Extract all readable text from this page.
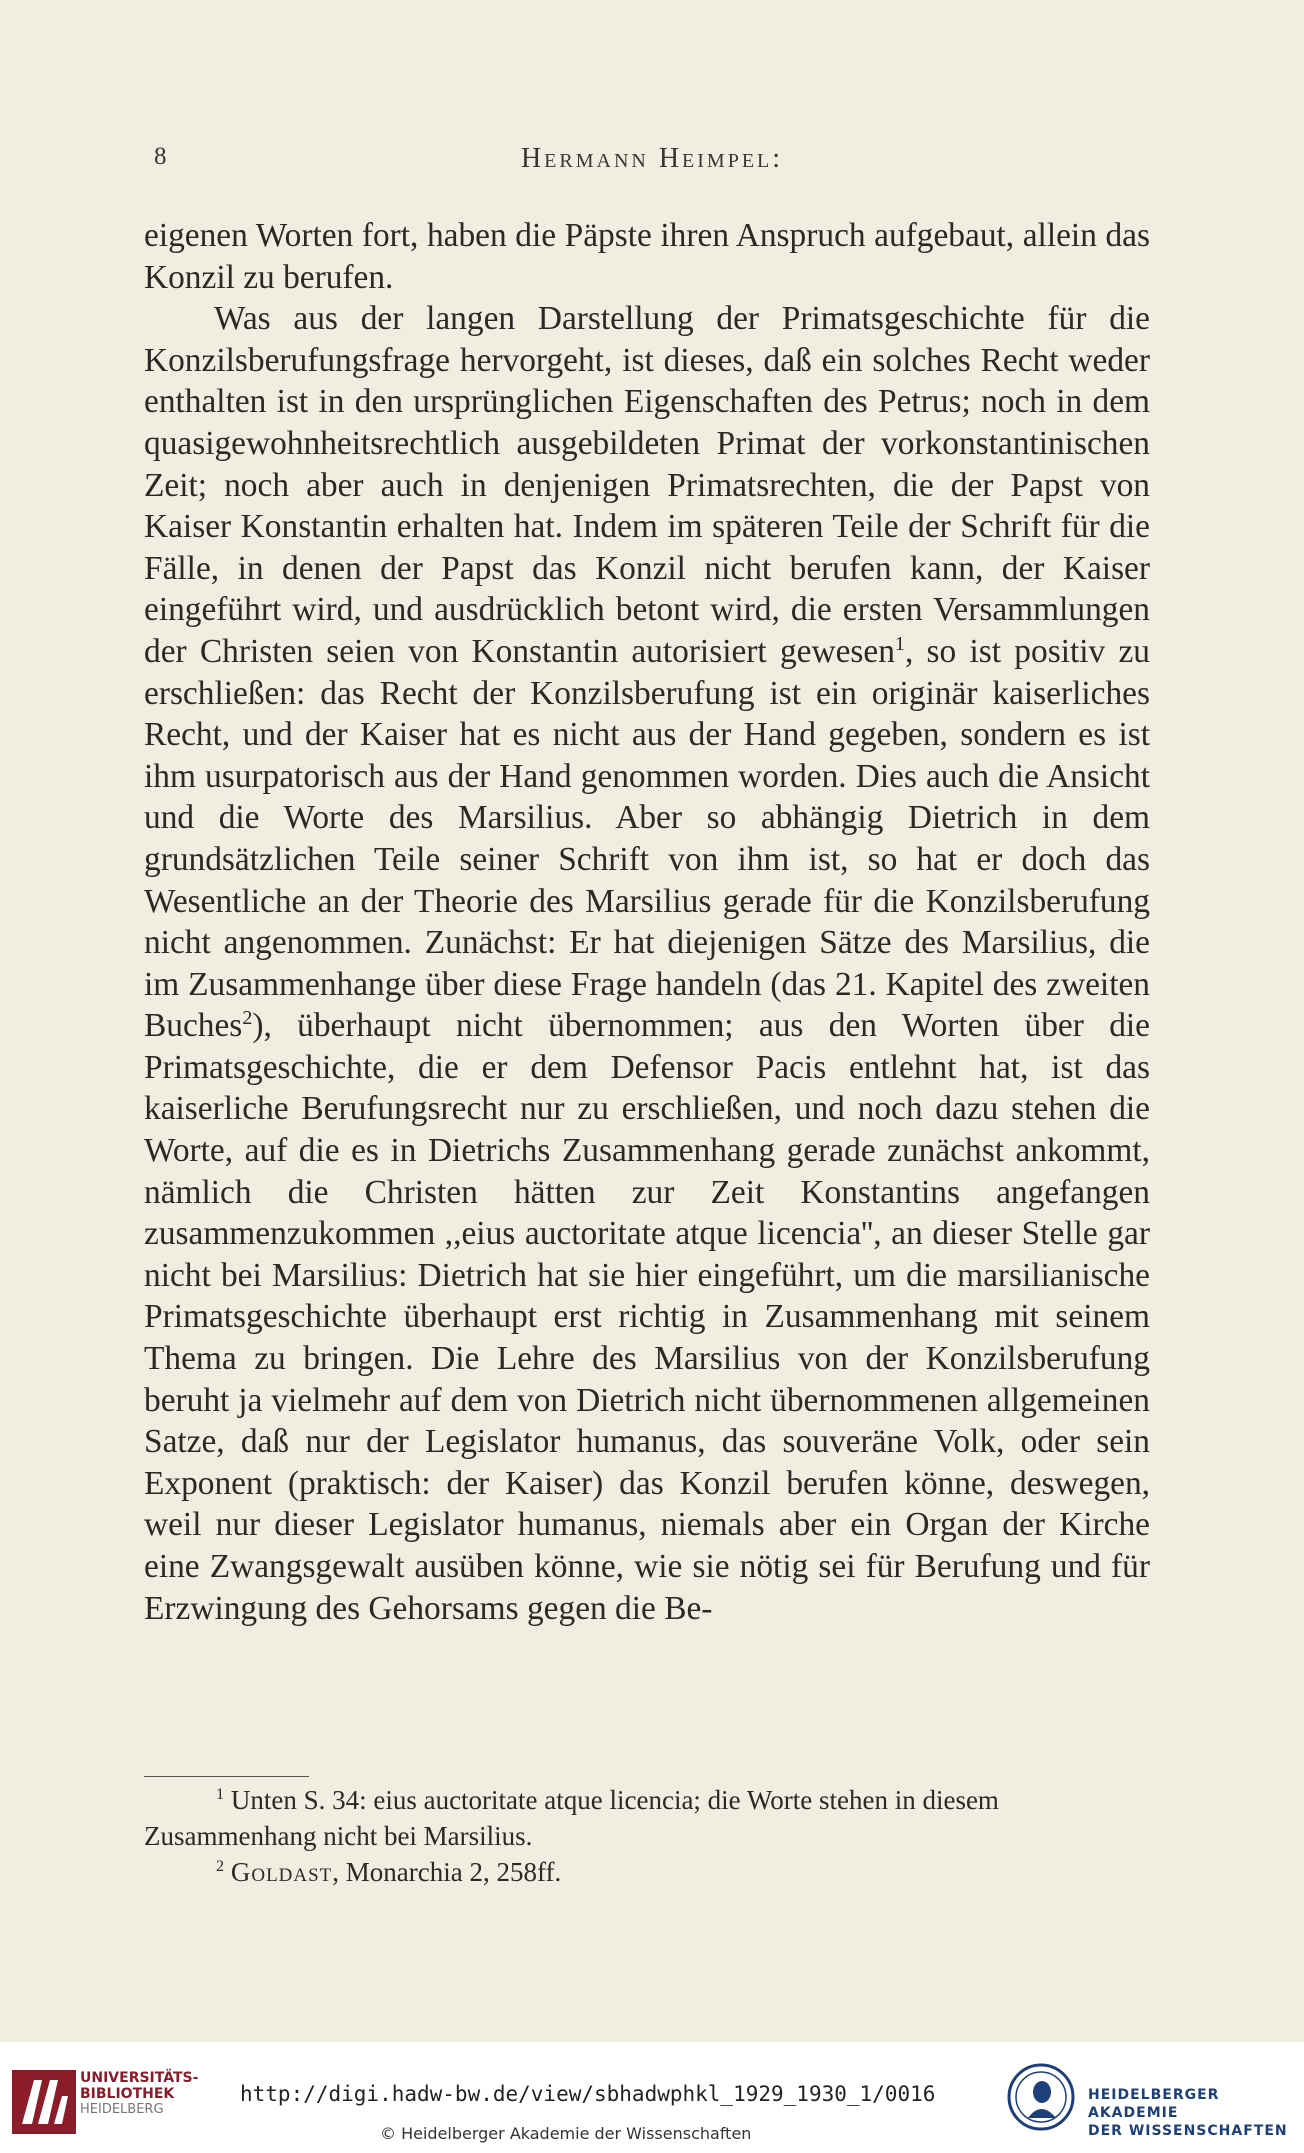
8	Hermann Heimpel:

eigenen Worten fort, haben die Päpste ihren Anspruch aufgebaut, allein das Konzil zu berufen.

Was aus der langen Darstellung der Primatsgeschichte für die Konzilsberufungsfrage hervorgeht, ist dieses, daß ein solches Recht weder enthalten ist in den ursprünglichen Eigenschaften des Petrus; noch in dem quasigewohnheitsrechtlich ausgebildeten Primat der vorkonstantinischen Zeit; noch aber auch in denjenigen Primatsrechten, die der Papst von Kaiser Konstantin erhalten hat. Indem im späteren Teile der Schrift für die Fälle, in denen der Papst das Konzil nicht berufen kann, der Kaiser eingeführt wird, und ausdrücklich betont wird, die ersten Versammlungen der Christen seien von Konstantin autorisiert gewesen$^1$, so ist positiv zu erschließen: das Recht der Konzilsberufung ist ein originär kaiserliches Recht, und der Kaiser hat es nicht aus der Hand gegeben, sondern es ist ihm usurpatorisch aus der Hand genommen worden. Dies auch die Ansicht und die Worte des Marsilius. Aber so abhängig Dietrich in dem grundsätzlichen Teile seiner Schrift von ihm ist, so hat er doch das Wesentliche an der Theorie des Marsilius gerade für die Konzilsberufung nicht angenommen. Zunächst: Er hat diejenigen Sätze des Marsilius, die im Zusammenhange über diese Frage handeln (das 21. Kapitel des zweiten Buches$^2$), überhaupt nicht übernommen; aus den Worten über die Primatsgeschichte, die er dem Defensor Pacis entlehnt hat, ist das kaiserliche Berufungsrecht nur zu erschließen, und noch dazu stehen die Worte, auf die es in Dietrichs Zusammenhang gerade zunächst ankommt, nämlich die Christen hätten zur Zeit Konstantins angefangen zusammenzukommen ,,eius auctoritate atque licencia'', an dieser Stelle gar nicht bei Marsilius: Dietrich hat sie hier eingeführt, um die marsilianische Primatsgeschichte überhaupt erst richtig in Zusammenhang mit seinem Thema zu bringen. Die Lehre des Marsilius von der Konzilsberufung beruht ja vielmehr auf dem von Dietrich nicht übernommenen allgemeinen Satze, daß nur der Legislator humanus, das souveräne Volk, oder sein Exponent (praktisch: der Kaiser) das Konzil berufen könne, deswegen, weil nur dieser Legislator humanus, niemals aber ein Organ der Kirche eine Zwangsgewalt ausüben könne, wie sie nötig sei für Berufung und für Erzwingung des Gehorsams gegen die Be-

$^1$ Unten S. 34: eius auctoritate atque licencia; die Worte stehen in diesem Zusammenhang nicht bei Marsilius.

$^2$ Goldast, Monarchia 2, 258ff.

UNIVERSITÄTS-
BIBLIOTHEK
HEIDELBERG
http://digi.hadw-bw.de/view/sbhadwphkl_1929_1930_1/0016
© Heidelberger Akademie der Wissenschaften
HEIDELBERGER AKADEMIE
DER WISSENSCHAFTEN
